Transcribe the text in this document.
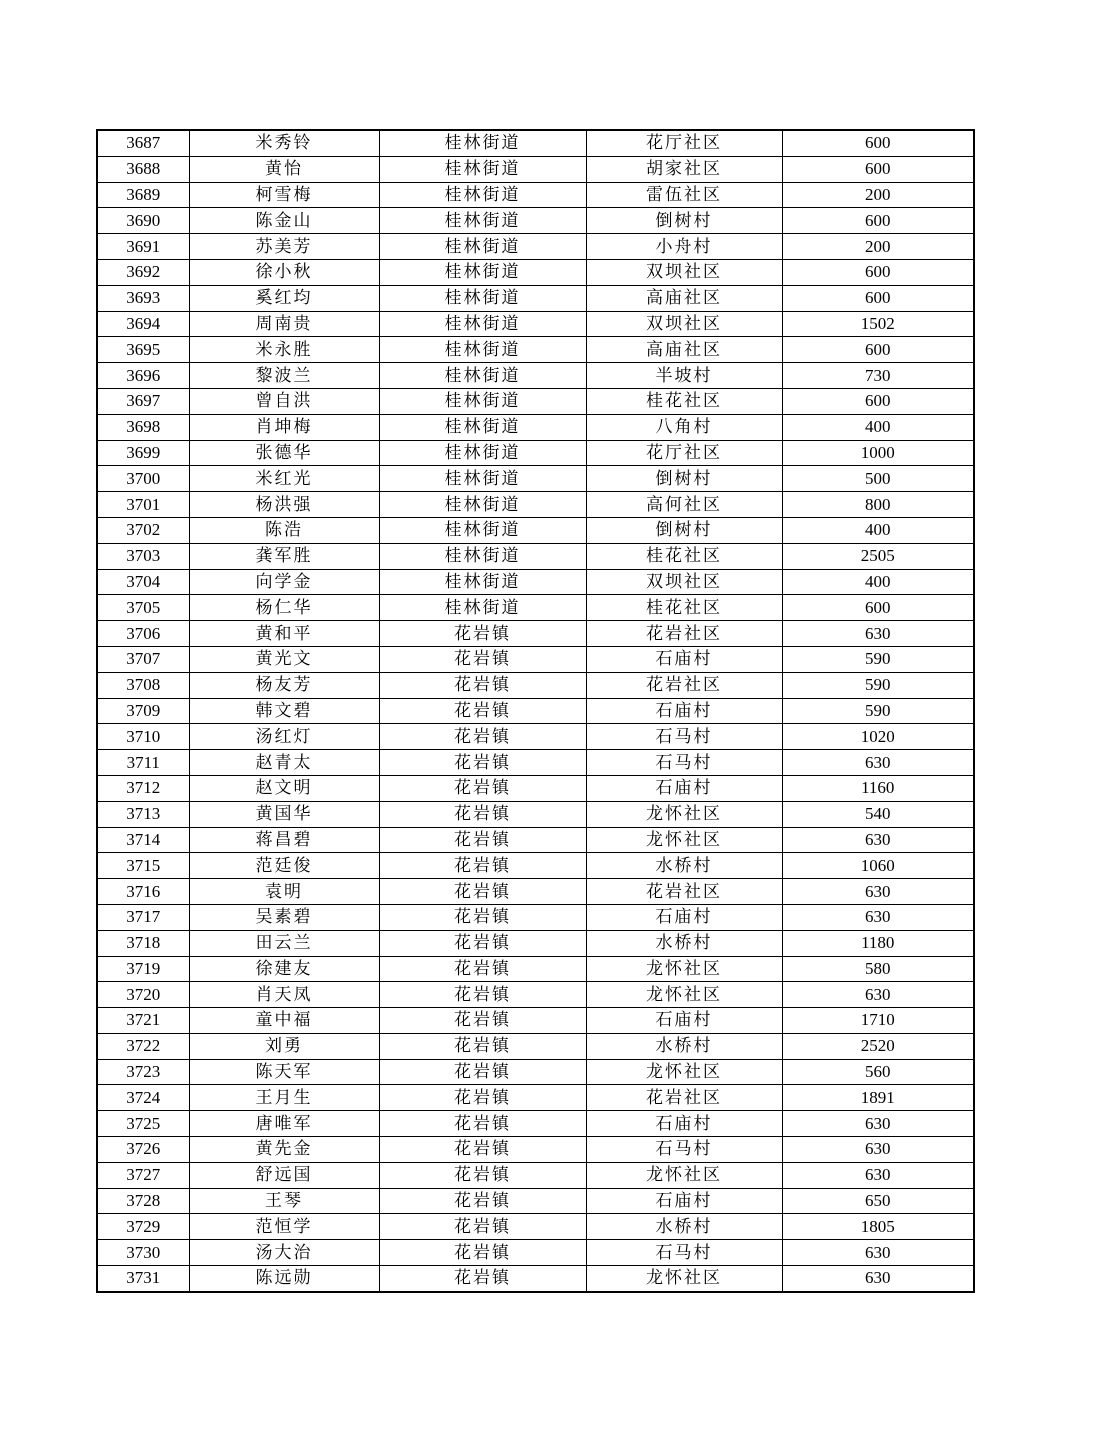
3687	米秀铃	桂林街道	花厅社区	600
3688	黄怡	桂林街道	胡家社区	600
3689	柯雪梅	桂林街道	雷伍社区	200
3690	陈金山	桂林街道	倒树村	600
3691	苏美芳	桂林街道	小舟村	200
3692	徐小秋	桂林街道	双坝社区	600
3693	奚红均	桂林街道	高庙社区	600
3694	周南贵	桂林街道	双坝社区	1502
3695	米永胜	桂林街道	高庙社区	600
3696	黎波兰	桂林街道	半坡村	730
3697	曾自洪	桂林街道	桂花社区	600
3698	肖坤梅	桂林街道	八角村	400
3699	张德华	桂林街道	花厅社区	1000
3700	米红光	桂林街道	倒树村	500
3701	杨洪强	桂林街道	高何社区	800
3702	陈浩	桂林街道	倒树村	400
3703	龚军胜	桂林街道	桂花社区	2505
3704	向学金	桂林街道	双坝社区	400
3705	杨仁华	桂林街道	桂花社区	600
3706	黄和平	花岩镇	花岩社区	630
3707	黄光文	花岩镇	石庙村	590
3708	杨友芳	花岩镇	花岩社区	590
3709	韩文碧	花岩镇	石庙村	590
3710	汤红灯	花岩镇	石马村	1020
3711	赵青太	花岩镇	石马村	630
3712	赵文明	花岩镇	石庙村	1160
3713	黄国华	花岩镇	龙怀社区	540
3714	蒋昌碧	花岩镇	龙怀社区	630
3715	范廷俊	花岩镇	水桥村	1060
3716	袁明	花岩镇	花岩社区	630
3717	吴素碧	花岩镇	石庙村	630
3718	田云兰	花岩镇	水桥村	1180
3719	徐建友	花岩镇	龙怀社区	580
3720	肖天凤	花岩镇	龙怀社区	630
3721	童中福	花岩镇	石庙村	1710
3722	刘勇	花岩镇	水桥村	2520
3723	陈天军	花岩镇	龙怀社区	560
3724	王月生	花岩镇	花岩社区	1891
3725	唐唯军	花岩镇	石庙村	630
3726	黄先金	花岩镇	石马村	630
3727	舒远国	花岩镇	龙怀社区	630
3728	王琴	花岩镇	石庙村	650
3729	范恒学	花岩镇	水桥村	1805
3730	汤大治	花岩镇	石马村	630
3731	陈远勋	花岩镇	龙怀社区	630
